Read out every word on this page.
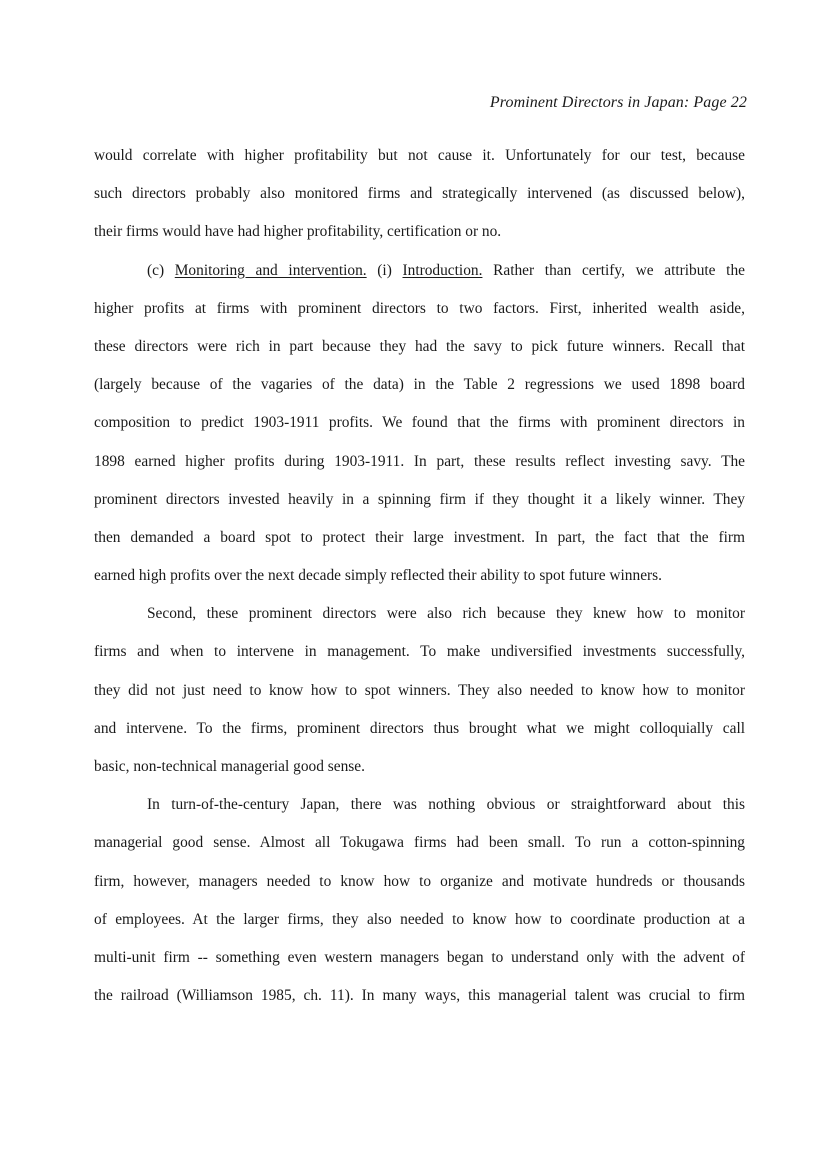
Prominent Directors in Japan: Page 22
would correlate with higher profitability but not cause it. Unfortunately for our test, because
such directors probably also monitored firms and strategically intervened (as discussed below),
their firms would have had higher profitability, certification or no.
(c) Monitoring and intervention. (i) Introduction. Rather than certify, we attribute the
higher profits at firms with prominent directors to two factors. First, inherited wealth aside,
these directors were rich in part because they had the savy to pick future winners. Recall that
(largely because of the vagaries of the data) in the Table 2 regressions we used 1898 board
composition to predict 1903-1911 profits. We found that the firms with prominent directors in
1898 earned higher profits during 1903-1911. In part, these results reflect investing savy. The
prominent directors invested heavily in a spinning firm if they thought it a likely winner. They
then demanded a board spot to protect their large investment. In part, the fact that the firm
earned high profits over the next decade simply reflected their ability to spot future winners.
Second, these prominent directors were also rich because they knew how to monitor
firms and when to intervene in management. To make undiversified investments successfully,
they did not just need to know how to spot winners. They also needed to know how to monitor
and intervene. To the firms, prominent directors thus brought what we might colloquially call
basic, non-technical managerial good sense.
In turn-of-the-century Japan, there was nothing obvious or straightforward about this
managerial good sense. Almost all Tokugawa firms had been small. To run a cotton-spinning
firm, however, managers needed to know how to organize and motivate hundreds or thousands
of employees. At the larger firms, they also needed to know how to coordinate production at a
multi-unit firm -- something even western managers began to understand only with the advent of
the railroad (Williamson 1985, ch. 11). In many ways, this managerial talent was crucial to firm
